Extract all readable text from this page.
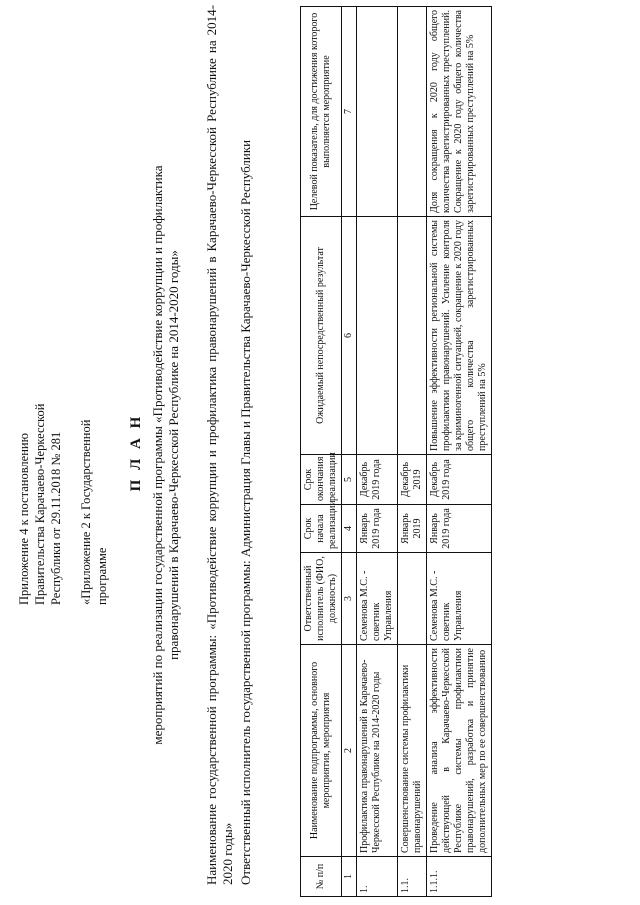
Приложение 4 к постановлению Правительства Карачаево-Черкесской Республики от 29.11.2018 № 281 «Приложение 2 к Государственной программе
П Л А Н мероприятий по реализации государственной программы «Противодействие коррупции и профилактика правонарушений в Карачаево-Черкесской Республике на 2014-2020 годы» Наименование государственной программы: «Противодействие коррупции и профилактика правонарушений в Карачаево-Черкесской Республике на 2014-2020 годы» Ответственный исполнитель государственной программы: Администрация Главы и Правительства Карачаево-Черкесской Республики	№ п/п	Наименование подпрограммы, основного мероприятия, мероприятия	Ответственный исполнитель (ФИО, должность)	Срок начала реализации	Срок окончания реализации	Ожидаемый непосредственный результат	Целевой показатель, для достижения которого выполняется мероприятие
1	2	3	4	5	6	7
1.	Профилактика правонарушений в Карачаево-Черкесской Республике на 2014-2020 годы	Семенова М.С. - советник Управления	Январь 2019 года	Декабрь 2019 года		
1.1.	Совершенствование системы профилактики правонарушений		Январь 2019	Декабрь 2019		
1.1.1.	Проведение анализа эффективности действующей в Карачаево-Черкесской Республике системы профилактики правонарушений, разработка и принятие дополнительных мер по ее совершенствованию	Семенова М.С. - советник Управления	Январь 2019 года	Декабрь 2019 года	Повышение эффективности региональной системы профилактики правонарушений. Усиление контроля за криминогенной ситуацией, сокращение к 2020 году общего количества зарегистрированных преступлений на 5%	Доля сокращения к 2020 году общего количества зарегистрированных преступлений. Сокращение к 2020 году общего количества зарегистрированных преступлений на 5%
